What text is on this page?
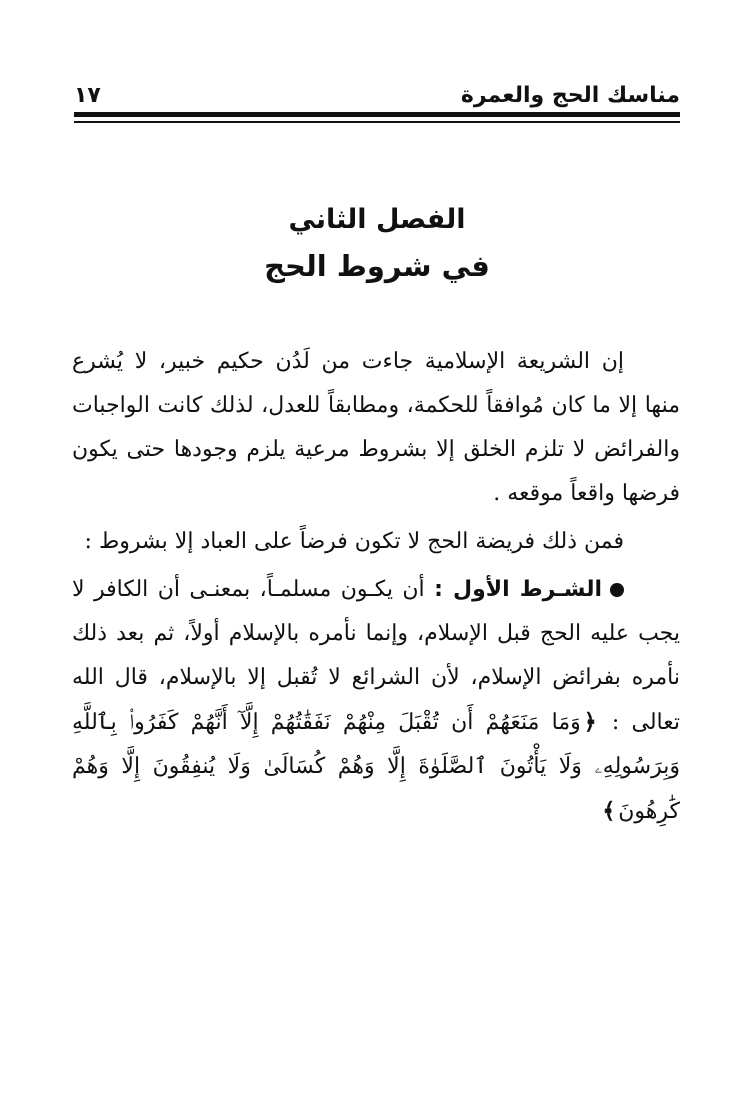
مناسك الحج والعمرة
١٧
الفصل الثاني
في شروط الحج

إن الشريعة الإسلامية جاءت من لَدُن حكيم خبير، لا يُشرع منها إلا ما كان مُوافقاً للحكمة، ومطابقاً للعدل، لذلك كانت الواجبات والفرائض لا تلزم الخلق إلا بشروط مرعية يلزم وجودها حتى يكون فرضها واقعاً موقعه .

فمن ذلك فريضة الحج لا تكون فرضاً على العباد إلا بشروط :

الشـرط الأول : أن يكـون مسلمـاً، بمعنـى أن الكافر لا يجب عليه الحج قبل الإسلام، وإنما نأمره بالإسلام أولاً، ثم بعد ذلك نأمره بفرائض الإسلام، لأن الشرائع لا تُقبل إلا بالإسلام، قال الله تعالى : ﴿وَمَا مَنَعَهُمْ أَن تُقْبَلَ مِنْهُمْ نَفَقَٰتُهُمْ إِلَّآ أَنَّهُمْ كَفَرُوا۟ بِٱللَّهِ وَبِرَسُولِهِۦ وَلَا يَأْتُونَ ٱلصَّلَوٰةَ إِلَّا وَهُمْ كُسَالَىٰ وَلَا يُنفِقُونَ إِلَّا وَهُمْ كَٰرِهُونَ﴾
